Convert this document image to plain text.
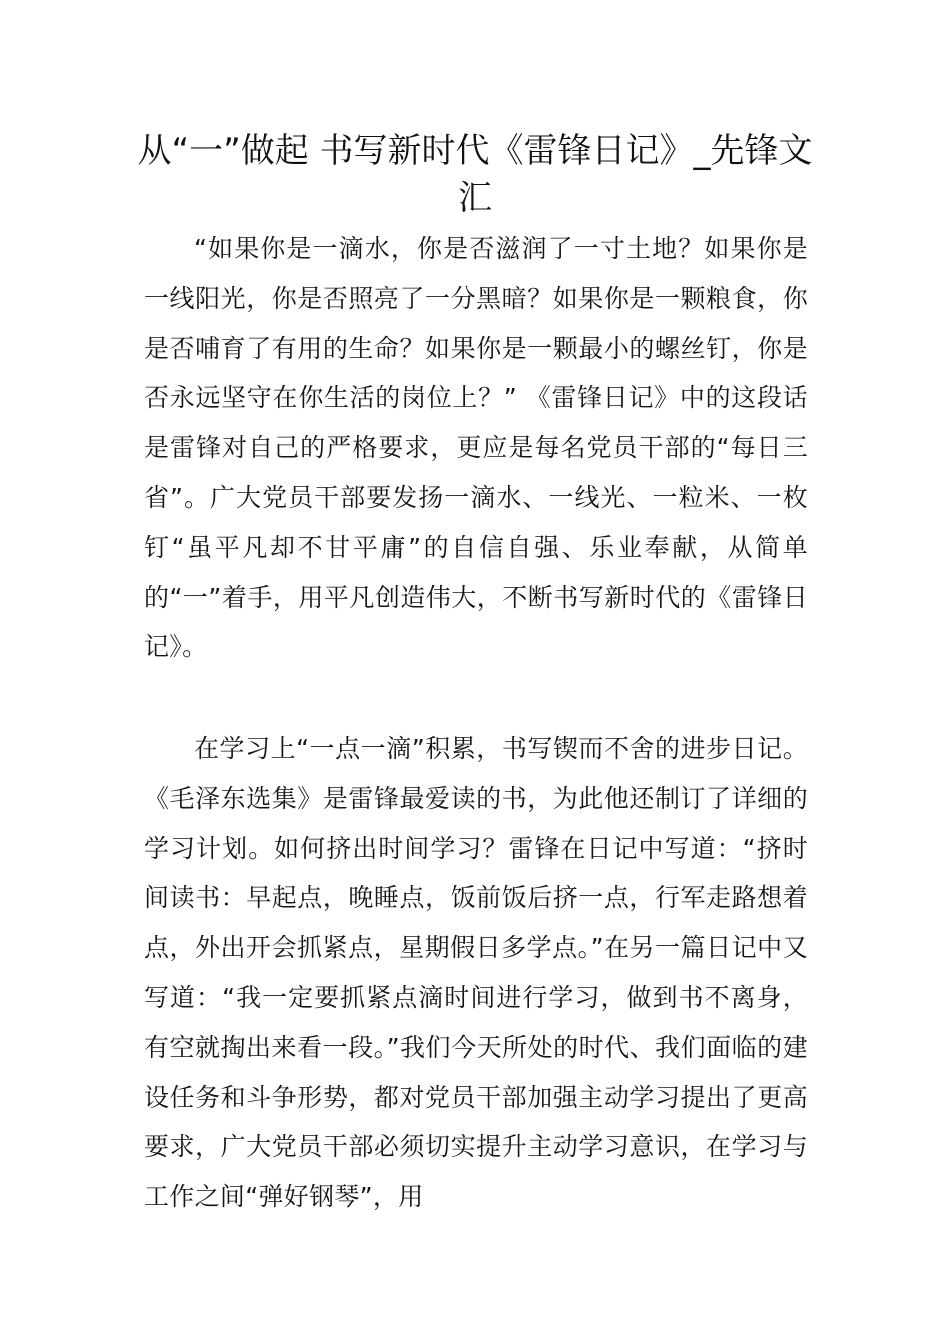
从“一”做起 书写新时代《雷锋日记》_先锋文汇

“如果你是一滴水，你是否滋润了一寸土地？如果你是一线阳光，你是否照亮了一分黑暗？如果你是一颗粮食，你是否哺育了有用的生命？如果你是一颗最小的螺丝钉，你是否永远坚守在你生活的岗位上？” 《雷锋日记》中的这段话是雷锋对自己的严格要求，更应是每名党员干部的“每日三省”。广大党员干部要发扬一滴水、一线光、一粒米、一枚钉“虽平凡却不甘平庸”的自信自强、乐业奉献，从简单的“一”着手，用平凡创造伟大，不断书写新时代的《雷锋日记》。

在学习上“一点一滴”积累，书写锲而不舍的进步日记。《毛泽东选集》是雷锋最爱读的书，为此他还制订了详细的学习计划。如何挤出时间学习？雷锋在日记中写道：“挤时间读书：早起点，晚睡点，饭前饭后挤一点，行军走路想着点，外出开会抓紧点，星期假日多学点。”在另一篇日记中又写道：“我一定要抓紧点滴时间进行学习，做到书不离身，有空就掏出来看一段。”我们今天所处的时代、我们面临的建设任务和斗争形势，都对党员干部加强主动学习提出了更高要求，广大党员干部必须切实提升主动学习意识，在学习与工作之间“弹好钢琴”，用
